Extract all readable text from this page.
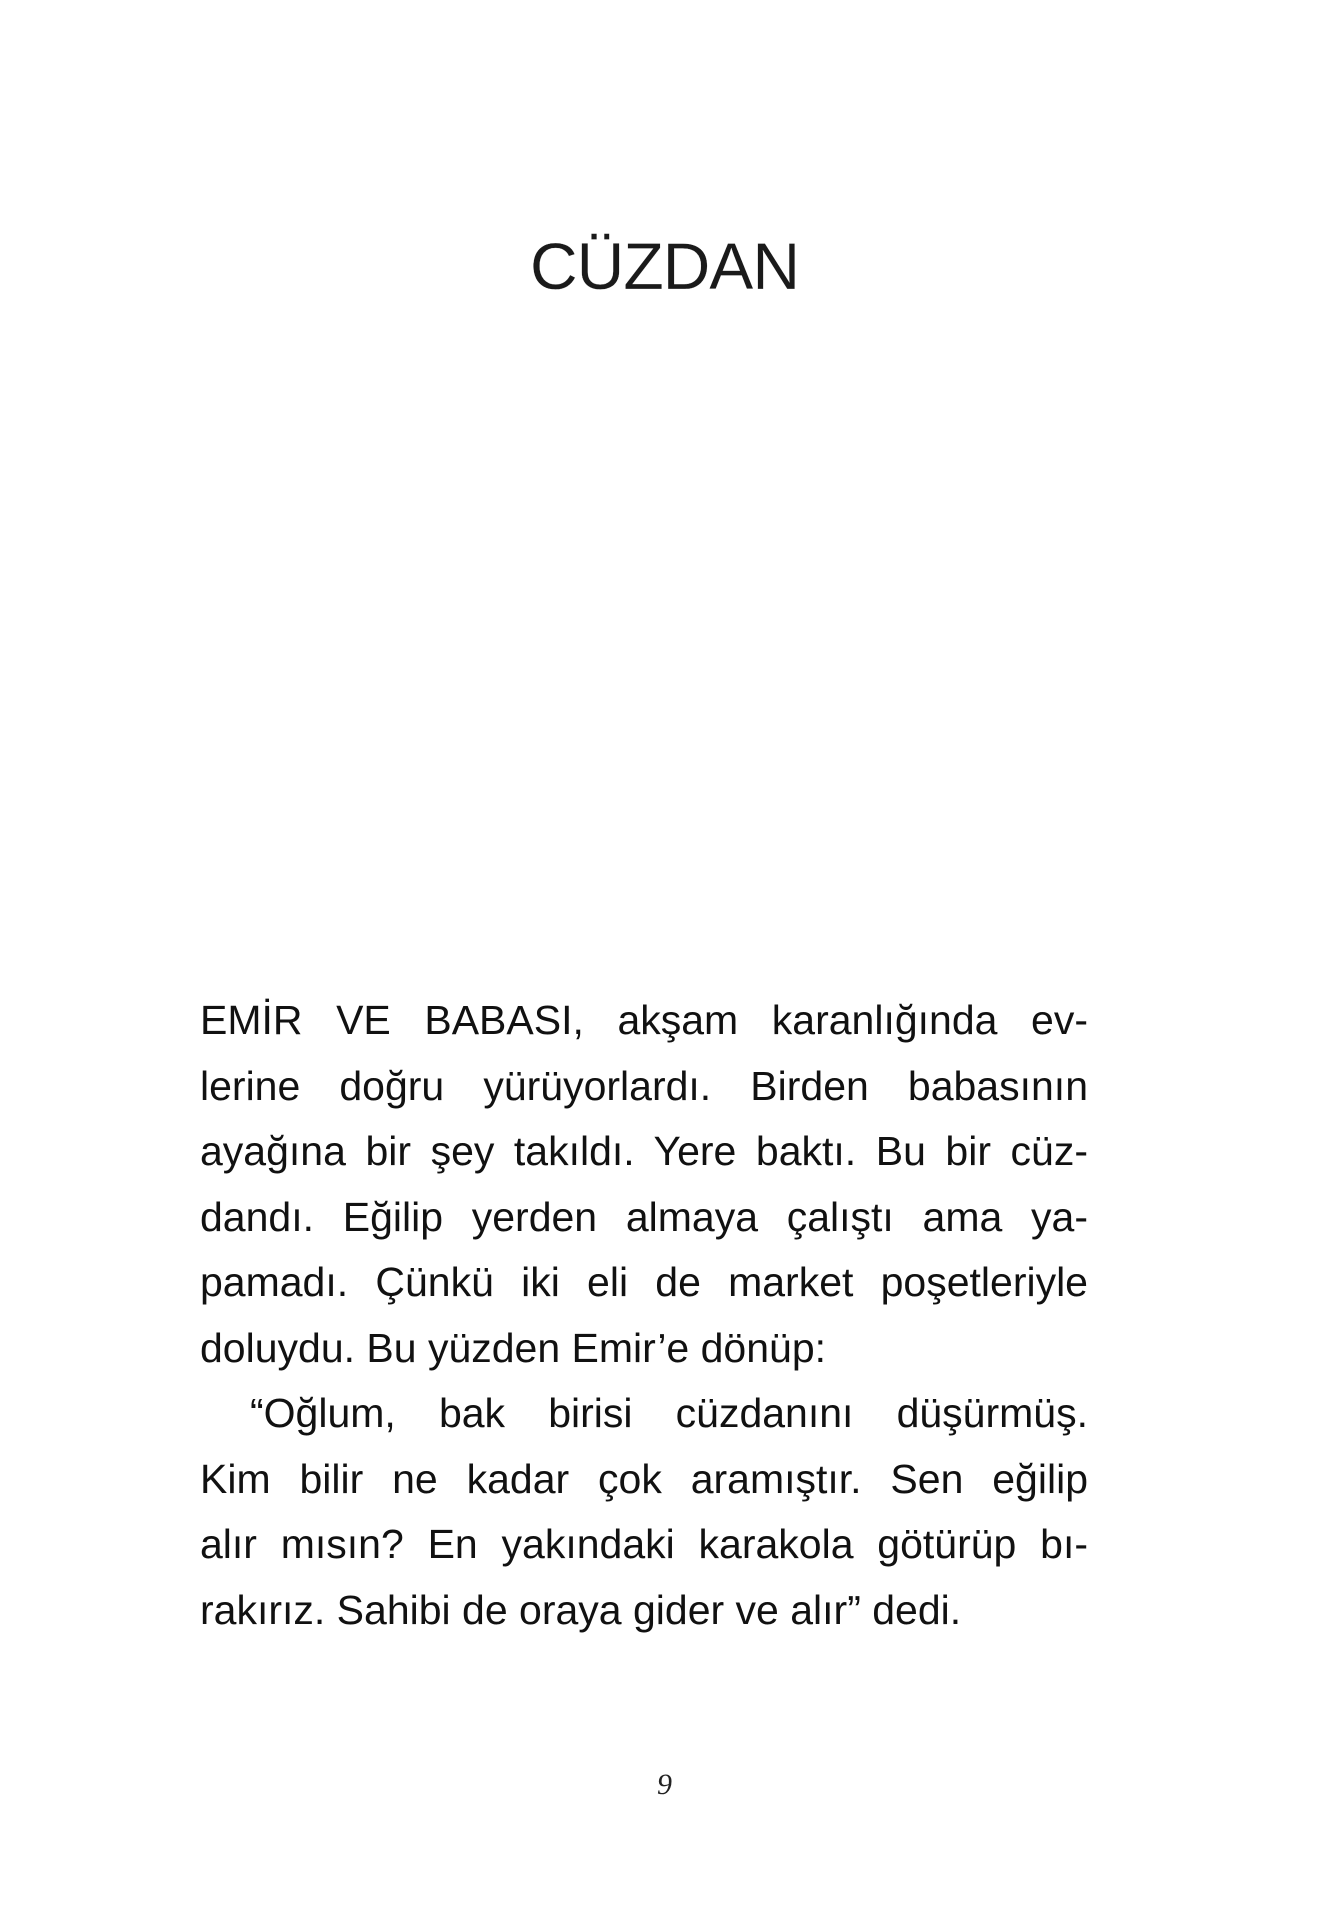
CÜZDAN

EMİR VE BABASI, akşam karanlığında ev-
lerine doğru yürüyorlardı. Birden babasının
ayağına bir şey takıldı. Yere baktı. Bu bir cüz-
dandı. Eğilip yerden almaya çalıştı ama ya-
pamadı. Çünkü iki eli de market poşetleriyle
doluydu. Bu yüzden Emir’e dönüp:

“Oğlum, bak birisi cüzdanını düşürmüş.
Kim bilir ne kadar çok aramıştır. Sen eğilip
alır mısın? En yakındaki karakola götürüp bı-
rakırız. Sahibi de oraya gider ve alır” dedi.

9
